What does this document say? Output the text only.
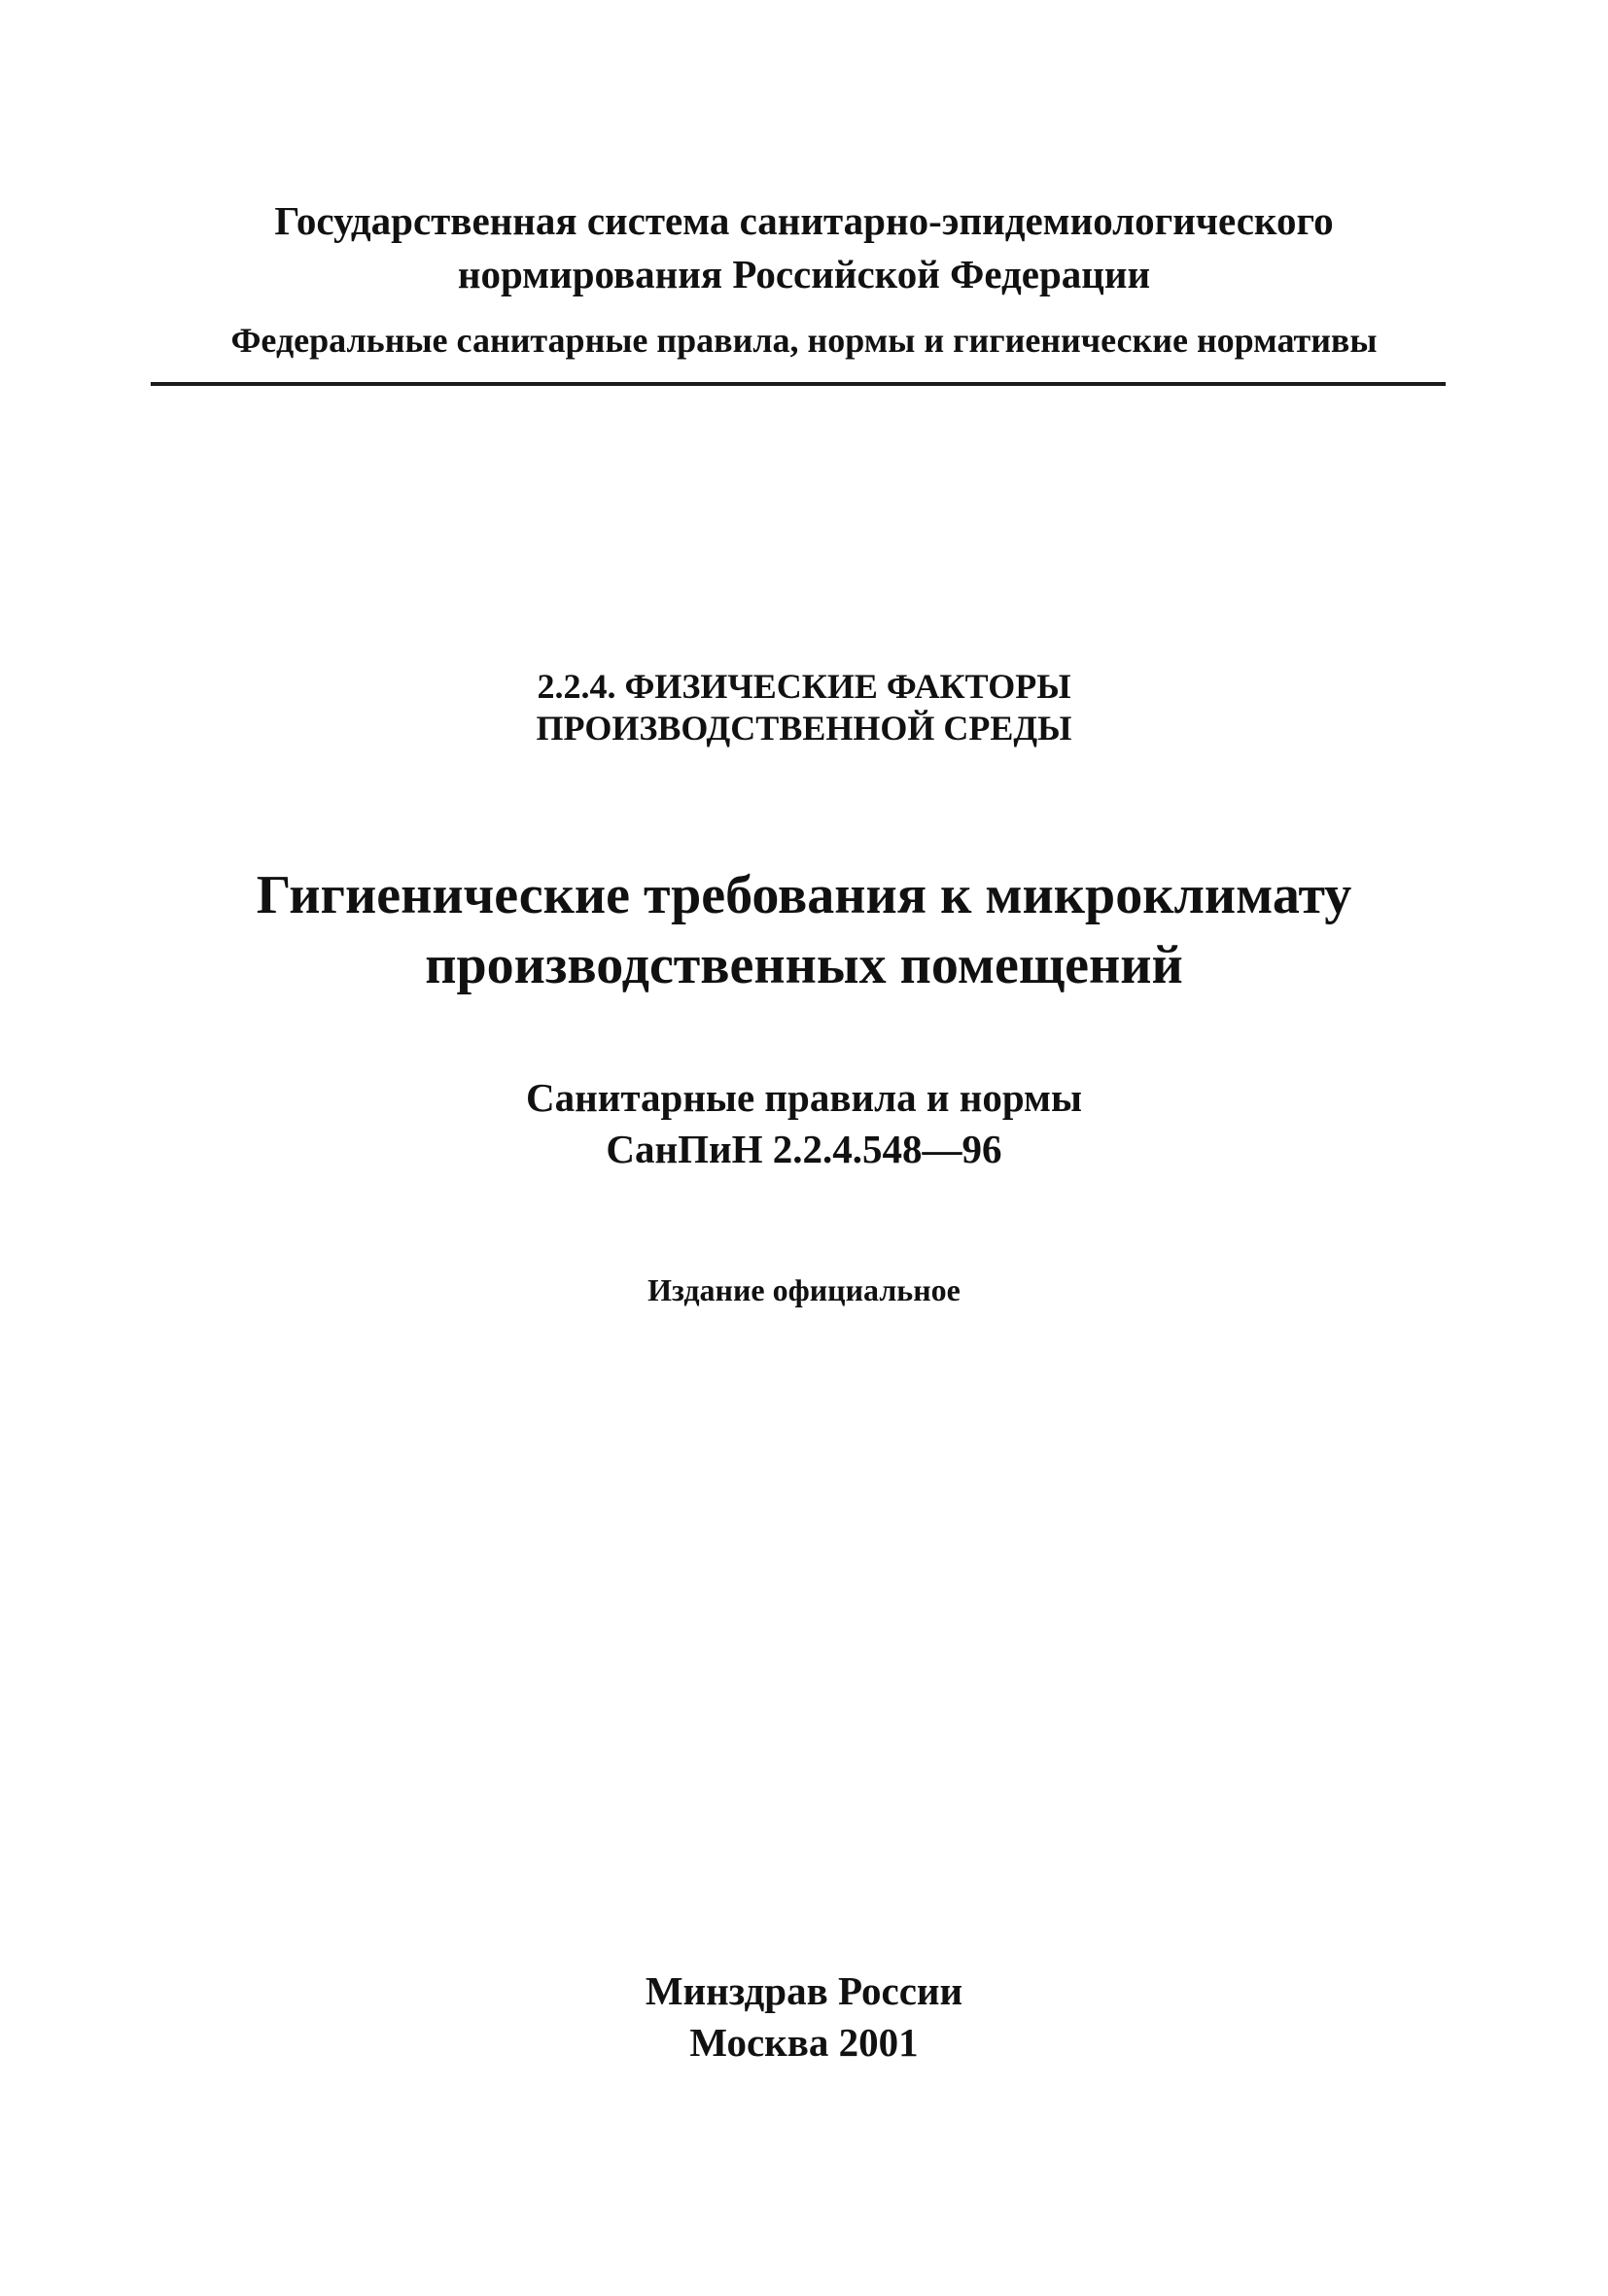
Государственная система санитарно-эпидемиологического
нормирования Российской Федерации
Федеральные санитарные правила, нормы и гигиенические нормативы
2.2.4. ФИЗИЧЕСКИЕ ФАКТОРЫ
ПРОИЗВОДСТВЕННОЙ СРЕДЫ
Гигиенические требования к микроклимату
производственных помещений
Санитарные правила и нормы
СанПиН 2.2.4.548—96
Издание официальное
Минздрав России
Москва 2001
